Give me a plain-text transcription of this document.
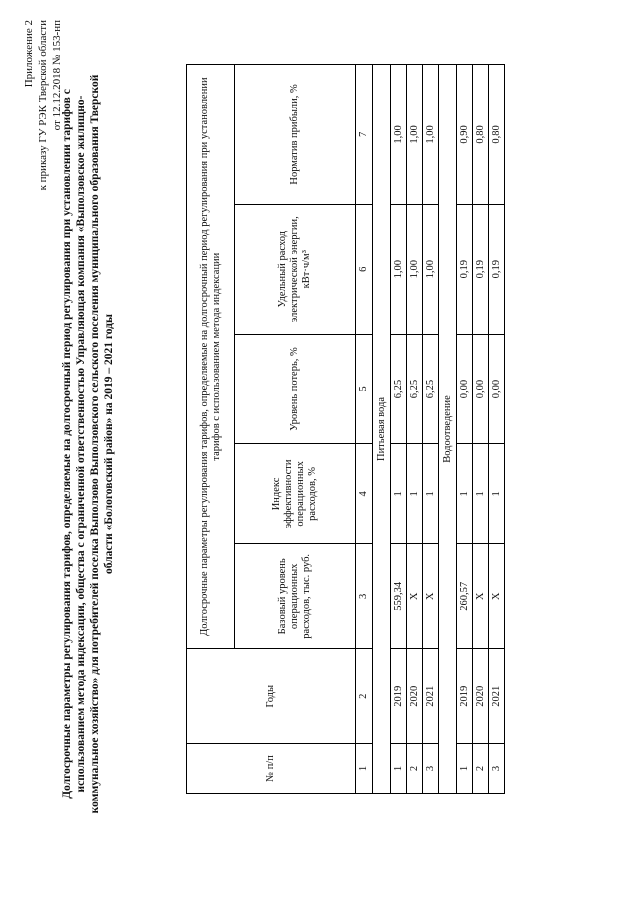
Приложение 2 к приказу ГУ РЭК Тверской области от 12.12.2018 № 153-нп
Долгосрочные параметры регулирования тарифов, определяемые на долгосрочный период регулирования при установлении тарифов с использованием метода индексации, общества с ограниченной ответственностью Управляющая компания «Выползовское жилищно-коммунальное хозяйство» для потребителей поселка Выползово Выползовского сельского поселения муниципального образования Тверской области «Бологовский район» на 2019 – 2021 годы
№ п/п	Годы	Долгосрочные параметры регулирования тарифов, определяемые на долгосрочный период регулирования при установлении тарифов с использованием метода индексации				
		Базовый уровень операционных расходов, тыс. руб.	Индекс эффективности операционных расходов, %	Уровень потерь, %	Удельный расход электрической энергии, кВт·ч/м³	Норматив прибыли, %
1	2	3	4	5	6	7
Питьевая вода						
1	2019	559,34	1	6,25	1,00	1,00
2	2020	Х	1	6,25	1,00	1,00
3	2021	Х	1	6,25	1,00	1,00
Водоотведение						
1	2019	260,57	1	0,00	0,19	0,90
2	2020	Х	1	0,00	0,19	0,80
3	2021	Х	1	0,00	0,19	0,80
